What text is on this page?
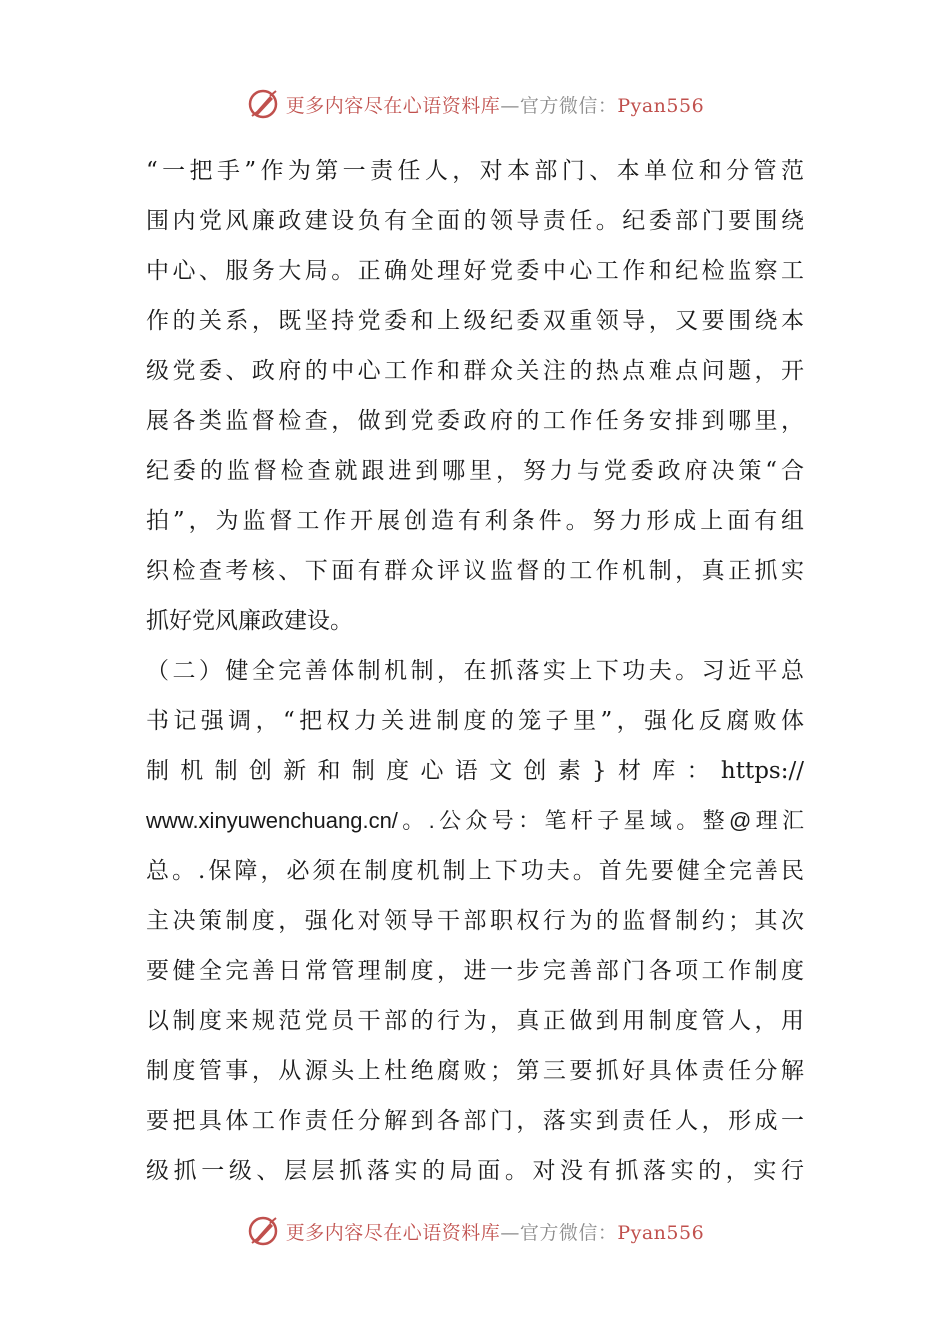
更多内容尽在心语资料库—官方微信：Pyan556
“一把手”作为第一责任人，对本部门、本单位和分管范
围内党风廉政建设负有全面的领导责任。纪委部门要围绕
中心、服务大局。正确处理好党委中心工作和纪检监察工
作的关系，既坚持党委和上级纪委双重领导，又要围绕本
级党委、政府的中心工作和群众关注的热点难点问题，开
展各类监督检查，做到党委政府的工作任务安排到哪里，
纪委的监督检查就跟进到哪里，努力与党委政府决策“合
拍”，为监督工作开展创造有利条件。努力形成上面有组
织检查考核、下面有群众评议监督的工作机制，真正抓实
抓好党风廉政建设。
（二）健全完善体制机制，在抓落实上下功夫。习近平总
书记强调，“把权力关进制度的笼子里”，强化反腐败体
制机制创新和制度心语文创素}材库：https://
www.xinyuwenchuang.cn/。.公众号：笔杆子星域。整@理汇
总。.保障，必须在制度机制上下功夫。首先要健全完善民
主决策制度，强化对领导干部职权行为的监督制约；其次
要健全完善日常管理制度，进一步完善部门各项工作制度
以制度来规范党员干部的行为，真正做到用制度管人，用
制度管事，从源头上杜绝腐败；第三要抓好具体责任分解
要把具体工作责任分解到各部门，落实到责任人，形成一
级抓一级、层层抓落实的局面。对没有抓落实的，实行
更多内容尽在心语资料库—官方微信：Pyan556
